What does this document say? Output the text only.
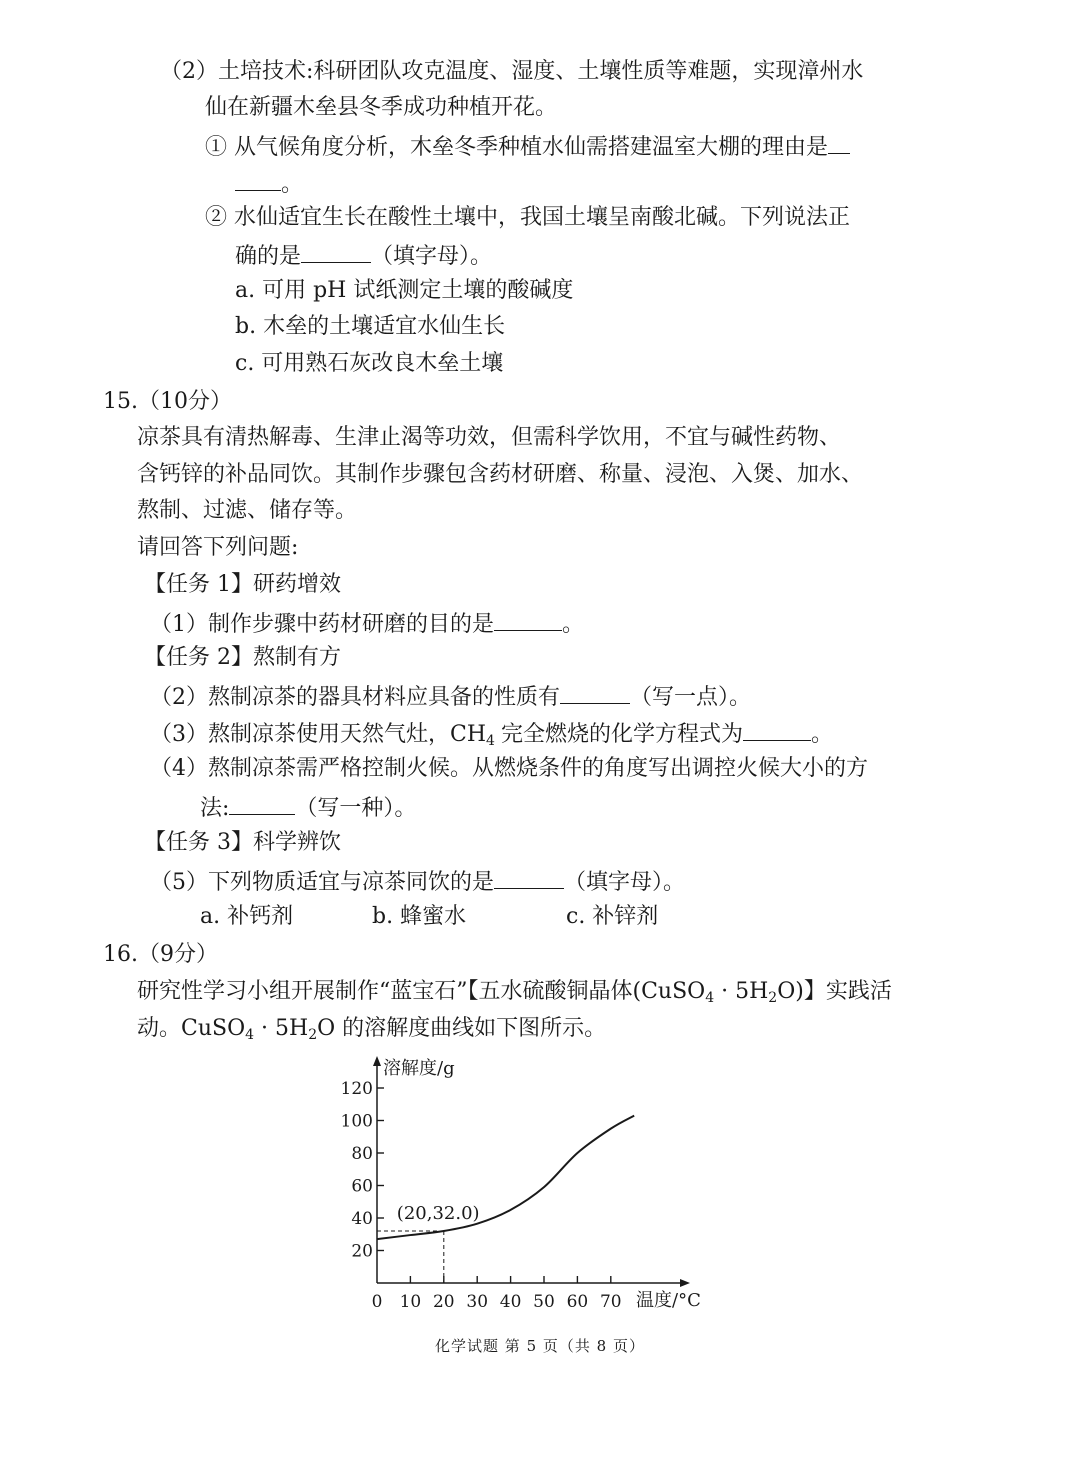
（2）土培技术:科研团队攻克温度、湿度、土壤性质等难题，实现漳州水
仙在新疆木垒县冬季成功种植开花。
① 从气候角度分析，木垒冬季种植水仙需搭建温室大棚的理由是
。
② 水仙适宜生长在酸性土壤中，我国土壤呈南酸北碱。下列说法正
确的是	（填字母）。
a. 可用 pH 试纸测定土壤的酸碱度
b. 木垒的土壤适宜水仙生长
c. 可用熟石灰改良木垒土壤
15.（10分）
凉茶具有清热解毒、生津止渴等功效，但需科学饮用，不宜与碱性药物、
含钙锌的补品同饮。其制作步骤包含药材研磨、称量、浸泡、入煲、加水、
熬制、过滤、储存等。
请回答下列问题:
【任务 1】研药增效
（1）制作步骤中药材研磨的目的是	。
【任务 2】熬制有方
（2）熬制凉茶的器具材料应具备的性质有	（写一点）。
（3）熬制凉茶使用天然气灶，$CH_4$ 完全燃烧的化学方程式为	。
（4）熬制凉茶需严格控制火候。从燃烧条件的角度写出调控火候大小的方
法:	（写一种）。
【任务 3】科学辨饮
（5）下列物质适宜与凉茶同饮的是	（填字母）。
a. 补钙剂	b. 蜂蜜水	c. 补锌剂
16.（9分）
研究性学习小组开展制作“蓝宝石”【五水硫酸铜晶体(CuSO$_4$ · $5H_2O$)】实践活
动。CuSO$_4$ · $5H_2O$ 的溶解度曲线如下图所示。
溶解度/g
温度/°C
20
40
60
80
100
120
0 10 20 30 40 50 60 70
(20,32.0)
化学试题 第 5 页（共 8 页）
